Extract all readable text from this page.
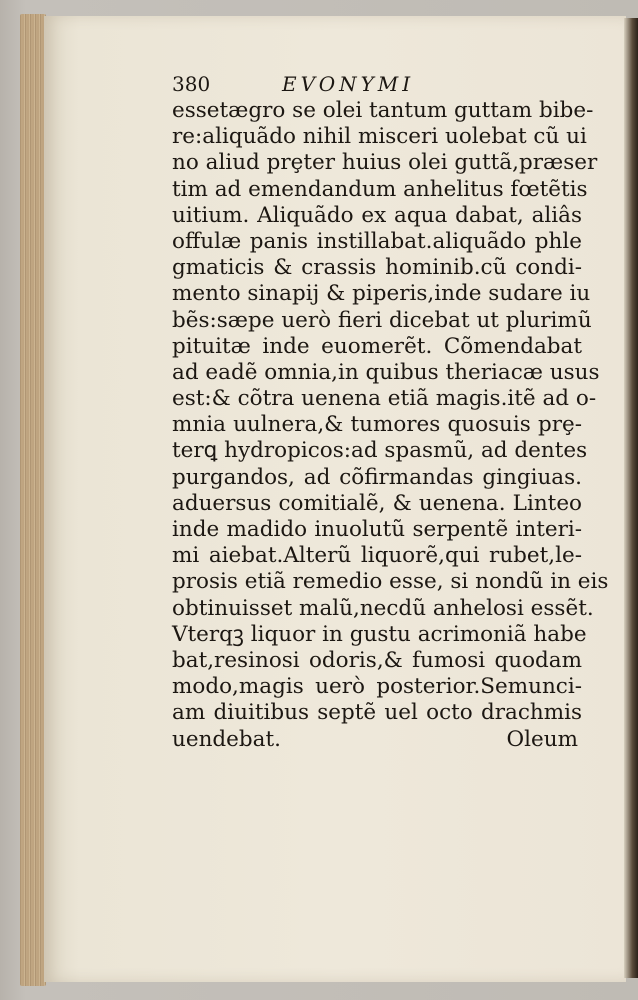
380	EVONYMI
essetægro se olei tantum guttam bibe-
re:aliquãdo nihil misceri uolebat cũ ui
no aliud prȩter huius olei guttã,præser
tim ad emendandum anhelitus fœtẽtis
uitium. Aliquãdo ex aqua dabat, aliâs
offulæ panis instillabat.aliquãdo phle
gmaticis & crassis hominib.cũ condi-
mento sinapij & piperis,inde sudare iu
bẽs:sæpe uerò fieri dicebat ut plurimũ
pituitæ inde euomerẽt. Cõmendabat
ad eadẽ omnia,in quibus theriacæ usus
est:& cõtra uenena etiã magis.itẽ ad o-
mnia uulnera,& tumores quosuis prȩ-
terꝗ hydropicos:ad spasmũ, ad dentes
purgandos, ad cõfirmandas gingiuas.
aduersus comitialẽ, & uenena. Linteo
inde madido inuolutũ serpentẽ interi-
mi aiebat.Alterũ liquorẽ,qui rubet,le-
prosis etiã remedio esse, si nondũ in eis
obtinuisset malũ,necdũ anhelosi essẽt.
Vterqꝫ liquor in gustu acrimoniã habe
bat,resinosi odoris,& fumosi quodam
modo,magis uerò posterior.Semunci-
am diuitibus septẽ uel octo drachmis
uendebat.	Oleum
